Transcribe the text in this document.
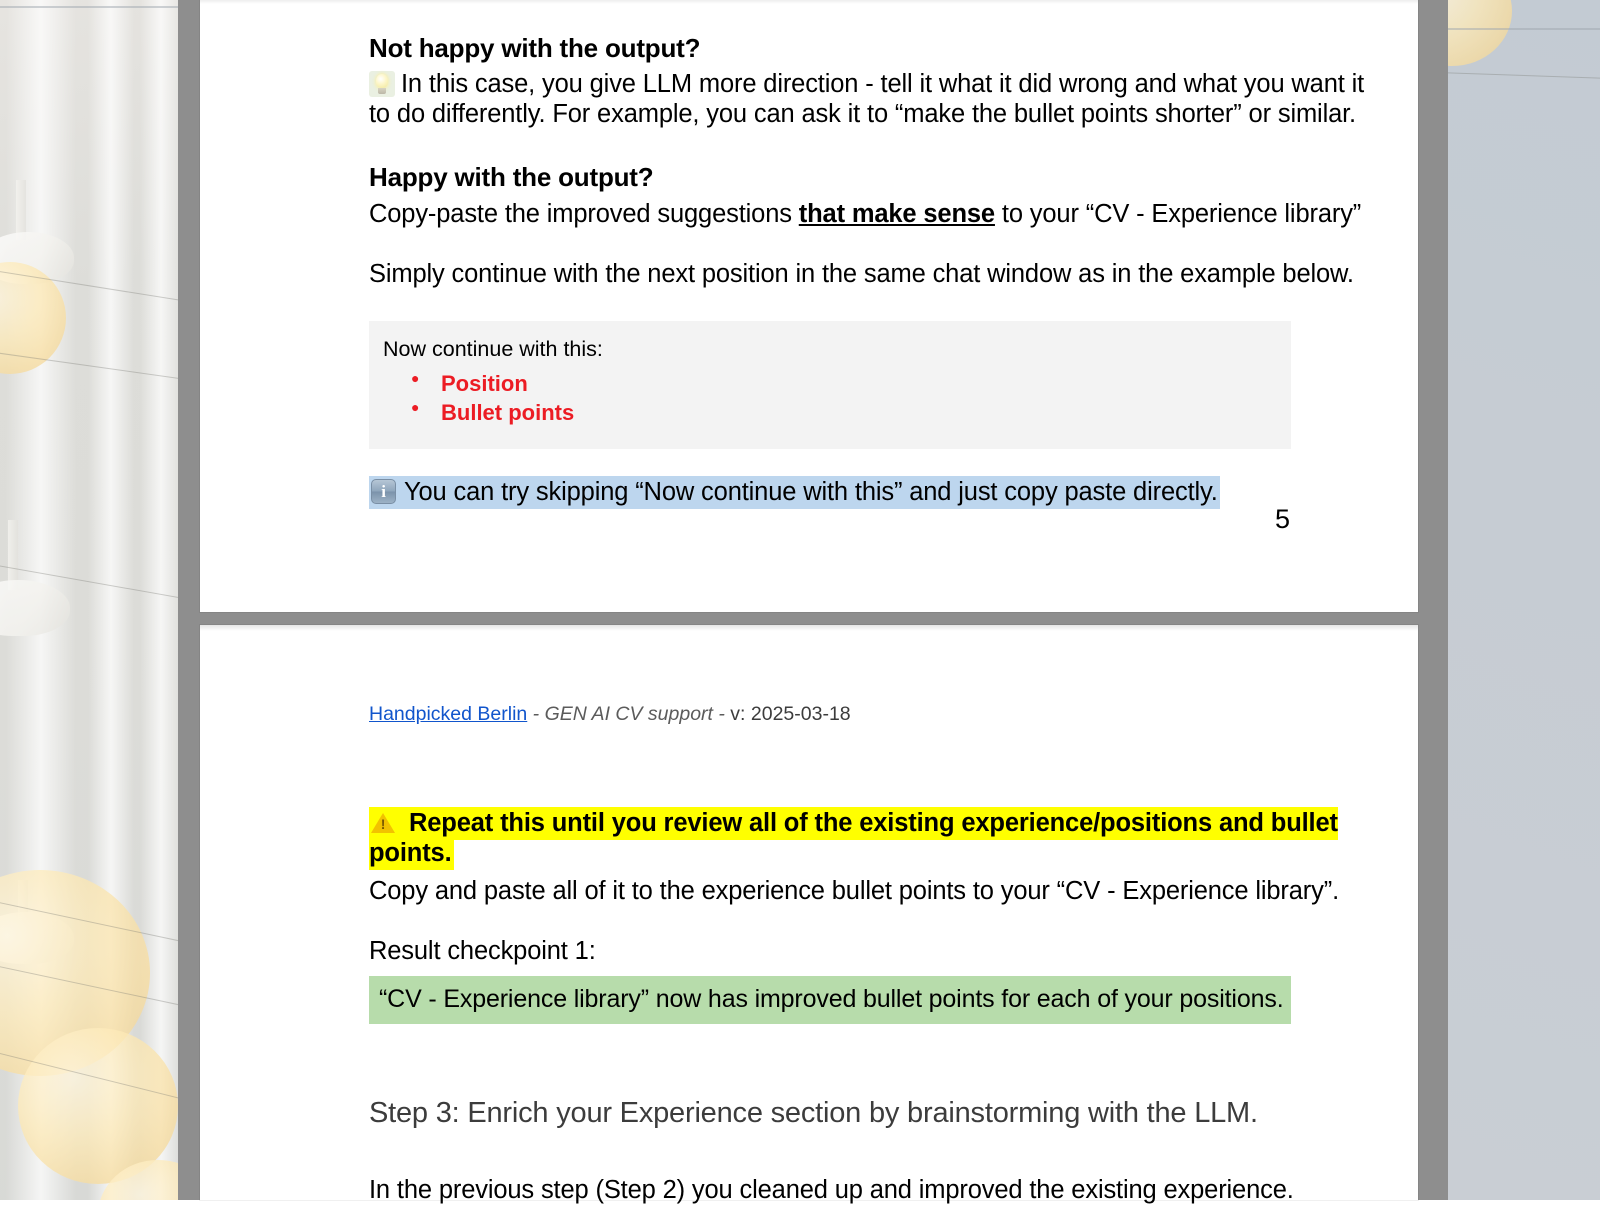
Not happy with the output?
In this case, you give LLM more direction - tell it what it did wrong and what you want it to do differently. For example, you can ask it to “make the bullet points shorter” or similar.
Happy with the output?
Copy-paste the improved suggestions that make sense to your “CV - Experience library”
Simply continue with the next position in the same chat window as in the example below.
Now continue with this:
● Position
● Bullet points
iYou can try skipping “Now continue with this” and just copy paste directly.
5
Handpicked Berlin - GEN AI CV support - v: 2025-03-18
!Repeat this until you review all of the existing experience/positions and bullet points.
Copy and paste all of it to the experience bullet points to your “CV - Experience library”.
Result checkpoint 1:
“CV - Experience library” now has improved bullet points for each of your positions.
Step 3: Enrich your Experience section by brainstorming with the LLM.
In the previous step (Step 2) you cleaned up and improved the existing experience.
